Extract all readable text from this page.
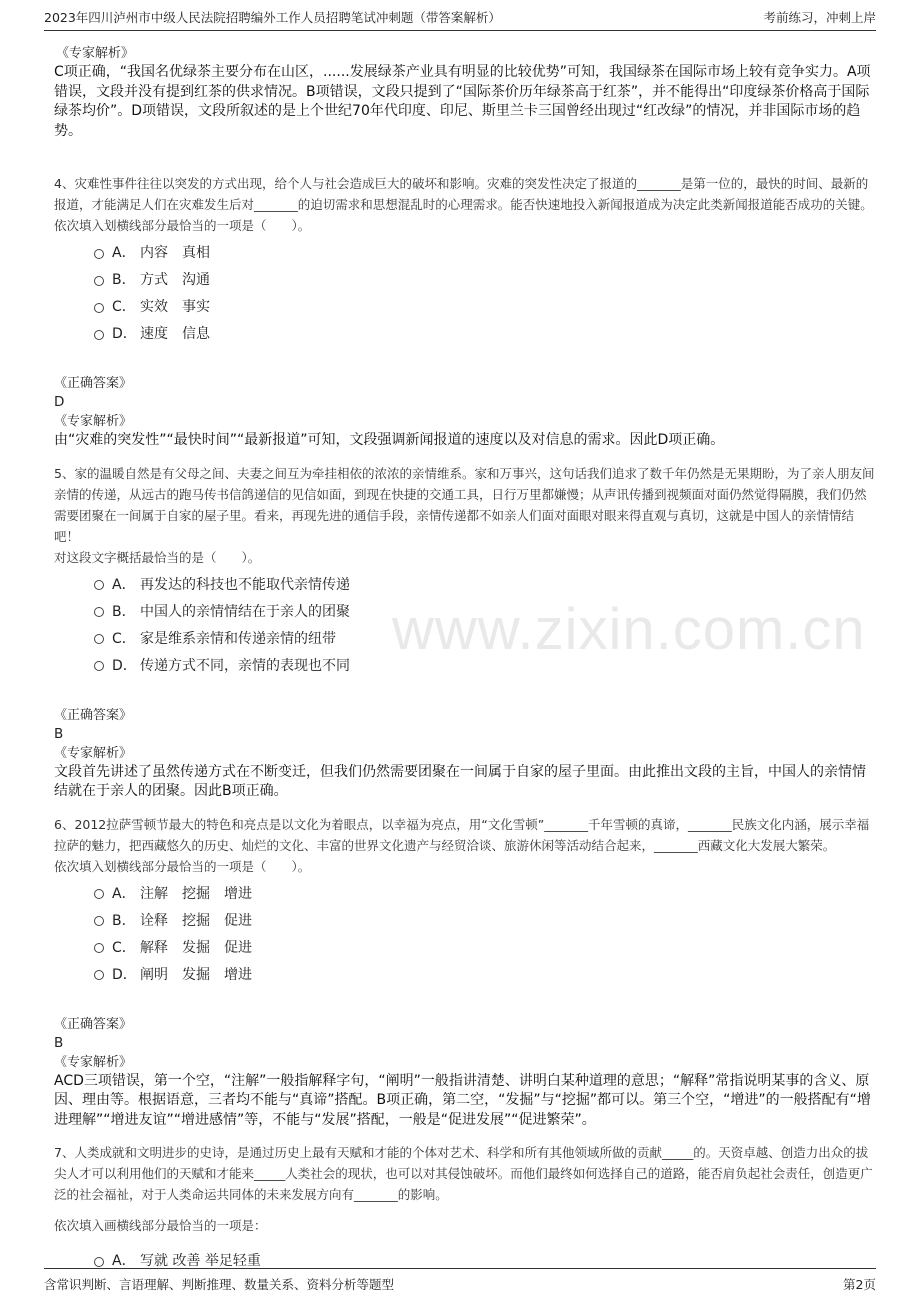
2023年四川泸州市中级人民法院招聘编外工作人员招聘笔试冲刺题（带答案解析）	考前练习，冲刺上岸
www.zixin.com.cn
《专家解析》
C项正确，“我国名优绿茶主要分布在山区，......发展绿茶产业具有明显的比较优势”可知，我国绿茶在国际市场上较有竞争实力。A项错误，文段并没有提到红茶的供求情况。B项错误，文段只提到了“国际茶价历年绿茶高于红茶”，并不能得出“印度绿茶价格高于国际绿茶均价”。D项错误，文段所叙述的是上个世纪70年代印度、印尼、斯里兰卡三国曾经出现过“红改绿”的情况，并非国际市场的趋势。
4、灾难性事件往往以突发的方式出现，给个人与社会造成巨大的破坏和影响。灾难的突发性决定了报道的_______是第一位的，最快的时间、最新的报道，才能满足人们在灾难发生后对_______的迫切需求和思想混乱时的心理需求。能否快速地投入新闻报道成为决定此类新闻报道能否成功的关键。
依次填入划横线部分最恰当的一项是（　　）。
A． 内容　真相
B． 方式　沟通
C． 实效　事实
D． 速度　信息
《正确答案》
D
《专家解析》
由“灾难的突发性”“最快时间”“最新报道”可知，文段强调新闻报道的速度以及对信息的需求。因此D项正确。
5、家的温暖自然是有父母之间、夫妻之间互为牵挂相依的浓浓的亲情维系。家和万事兴，这句话我们追求了数千年仍然是无果期盼，为了亲人朋友间亲情的传递，从远古的跑马传书信鸽递信的见信如面，到现在快捷的交通工具，日行万里都嫌慢；从声讯传播到视频面对面仍然觉得隔膜，我们仍然需要团聚在一间属于自家的屋子里。看来，再现先进的通信手段，亲情传递都不如亲人们面对面眼对眼来得直观与真切，这就是中国人的亲情情结吧！
对这段文字概括最恰当的是（　　）。
A． 再发达的科技也不能取代亲情传递
B． 中国人的亲情情结在于亲人的团聚
C． 家是维系亲情和传递亲情的纽带
D． 传递方式不同，亲情的表现也不同
《正确答案》
B
《专家解析》
文段首先讲述了虽然传递方式在不断变迁，但我们仍然需要团聚在一间属于自家的屋子里面。由此推出文段的主旨，中国人的亲情情结就在于亲人的团聚。因此B项正确。
6、2012拉萨雪顿节最大的特色和亮点是以文化为着眼点，以幸福为亮点，用“文化雪顿”_______千年雪顿的真谛，_______民族文化内涵，展示幸福拉萨的魅力，把西藏悠久的历史、灿烂的文化、丰富的世界文化遗产与经贸洽谈、旅游休闲等活动结合起来，_______西藏文化大发展大繁荣。
依次填入划横线部分最恰当的一项是（　　）。
A． 注解　挖掘　增进
B． 诠释　挖掘　促进
C． 解释　发掘　促进
D． 阐明　发掘　增进
《正确答案》
B
《专家解析》
ACD三项错误，第一个空，“注解”一般指解释字句，“阐明”一般指讲清楚、讲明白某种道理的意思；“解释”常指说明某事的含义、原因、理由等。根据语意，三者均不能与“真谛”搭配。B项正确，第二空，“发掘”与“挖掘”都可以。第三个空，“增进”的一般搭配有“增进理解”“增进友谊”“增进感情”等，不能与“发展”搭配，一般是“促进发展”“促进繁荣”。
7、人类成就和文明进步的史诗，是通过历史上最有天赋和才能的个体对艺术、科学和所有其他领域所做的贡献_____的。天资卓越、创造力出众的拔尖人才可以利用他们的天赋和才能来_____人类社会的现状，也可以对其侵蚀破坏。而他们最终如何选择自己的道路，能否肩负起社会责任，创造更广泛的社会福祉，对于人类命运共同体的未来发展方向有_______的影响。
依次填入画横线部分最恰当的一项是：
A． 写就 改善 举足轻重
含常识判断、言语理解、判断推理、数量关系、资料分析等题型	第2页
